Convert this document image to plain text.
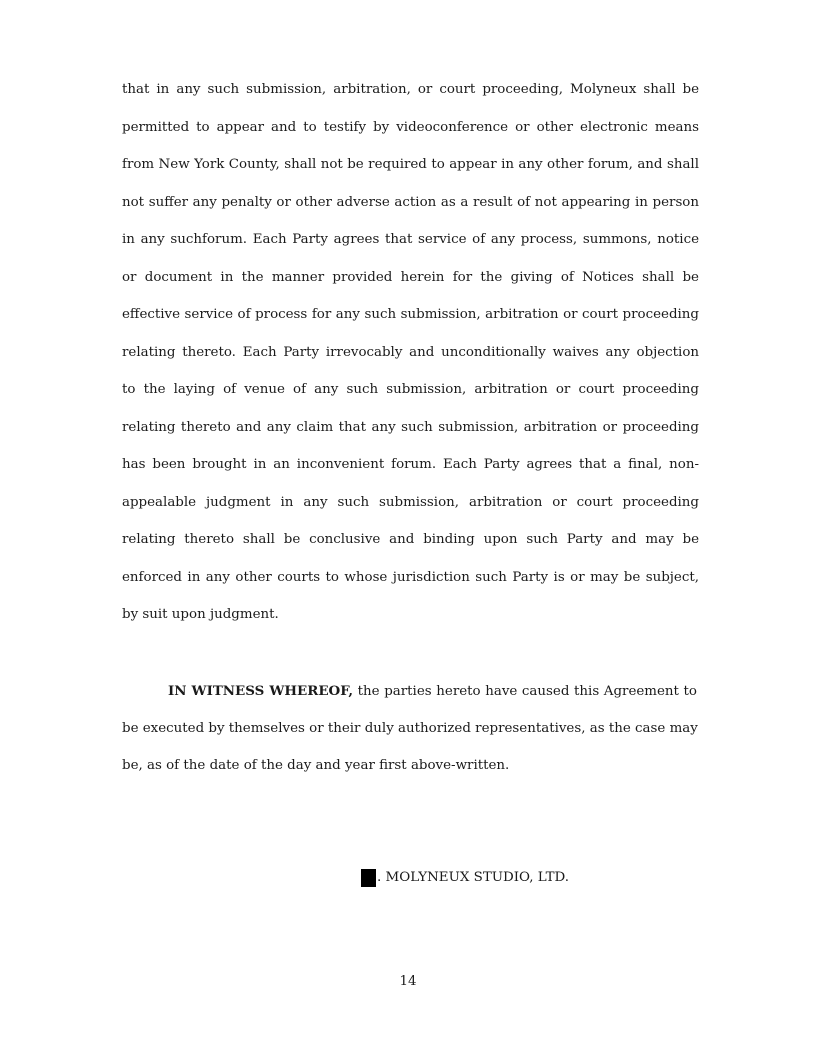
that in any such submission, arbitration, or court proceeding, Molyneux shall be
permitted to appear and to testify by videoconference or other electronic means
from New York County, shall not be required to appear in any other forum, and shall
not suffer any penalty or other adverse action as a result of not appearing in person
in any suchforum. Each Party agrees that service of any process, summons, notice
or document in the manner provided herein for the giving of Notices shall be
effective service of process for any such submission, arbitration or court proceeding
relating thereto. Each Party irrevocably and unconditionally waives any objection
to the laying of venue of any such submission, arbitration or court proceeding
relating thereto and any claim that any such submission, arbitration or proceeding
has been brought in an inconvenient forum. Each Party agrees that a final, non-
appealable judgment in any such submission, arbitration or court proceeding
relating thereto shall be conclusive and binding upon such Party and may be
enforced in any other courts to whose jurisdiction such Party is or may be subject,
by suit upon judgment.
IN WITNESS WHEREOF, the parties hereto have caused this Agreement to
be executed by themselves or their duly authorized representatives, as the case may
be, as of the date of the day and year first above-written.
. MOLYNEUX STUDIO, LTD.
14
